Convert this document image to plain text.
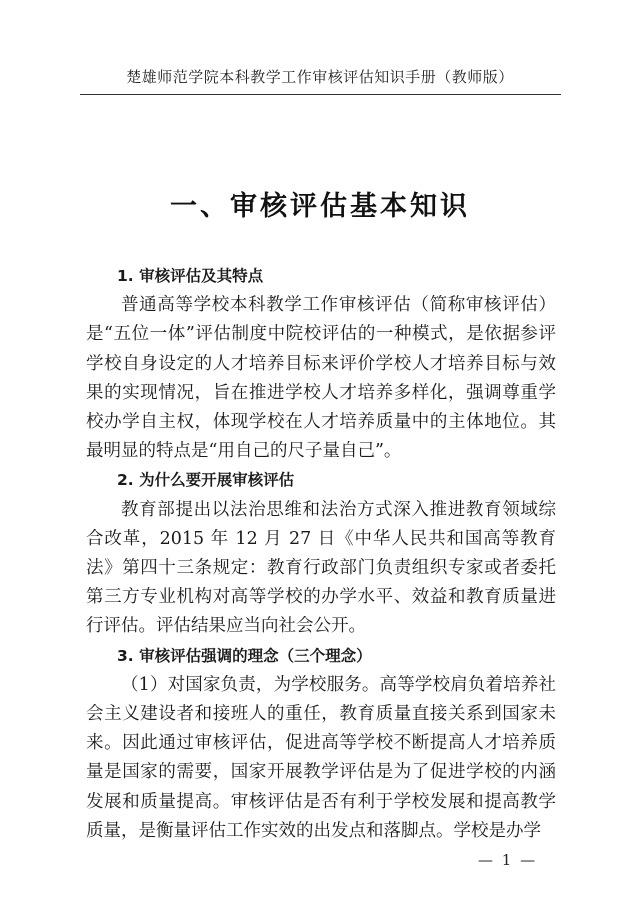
楚雄师范学院本科教学工作审核评估知识手册（教师版）
一、审核评估基本知识
1. 审核评估及其特点

普通高等学校本科教学工作审核评估（简称审核评估）是“五位一体”评估制度中院校评估的一种模式，是依据参评学校自身设定的人才培养目标来评价学校人才培养目标与效果的实现情况，旨在推进学校人才培养多样化，强调尊重学校办学自主权，体现学校在人才培养质量中的主体地位。其最明显的特点是“用自己的尺子量自己”。

2. 为什么要开展审核评估

教育部提出以法治思维和法治方式深入推进教育领域综合改革，2015 年 12 月 27 日《中华人民共和国高等教育法》第四十三条规定：教育行政部门负责组织专家或者委托第三方专业机构对高等学校的办学水平、效益和教育质量进行评估。评估结果应当向社会公开。

3. 审核评估强调的理念（三个理念）

（1）对国家负责，为学校服务。高等学校肩负着培养社会主义建设者和接班人的重任，教育质量直接关系到国家未来。因此通过审核评估，促进高等学校不断提高人才培养质量是国家的需要，国家开展教学评估是为了促进学校的内涵发展和质量提高。审核评估是否有利于学校发展和提高教学质量，是衡量评估工作实效的出发点和落脚点。学校是办学

— 1 —
